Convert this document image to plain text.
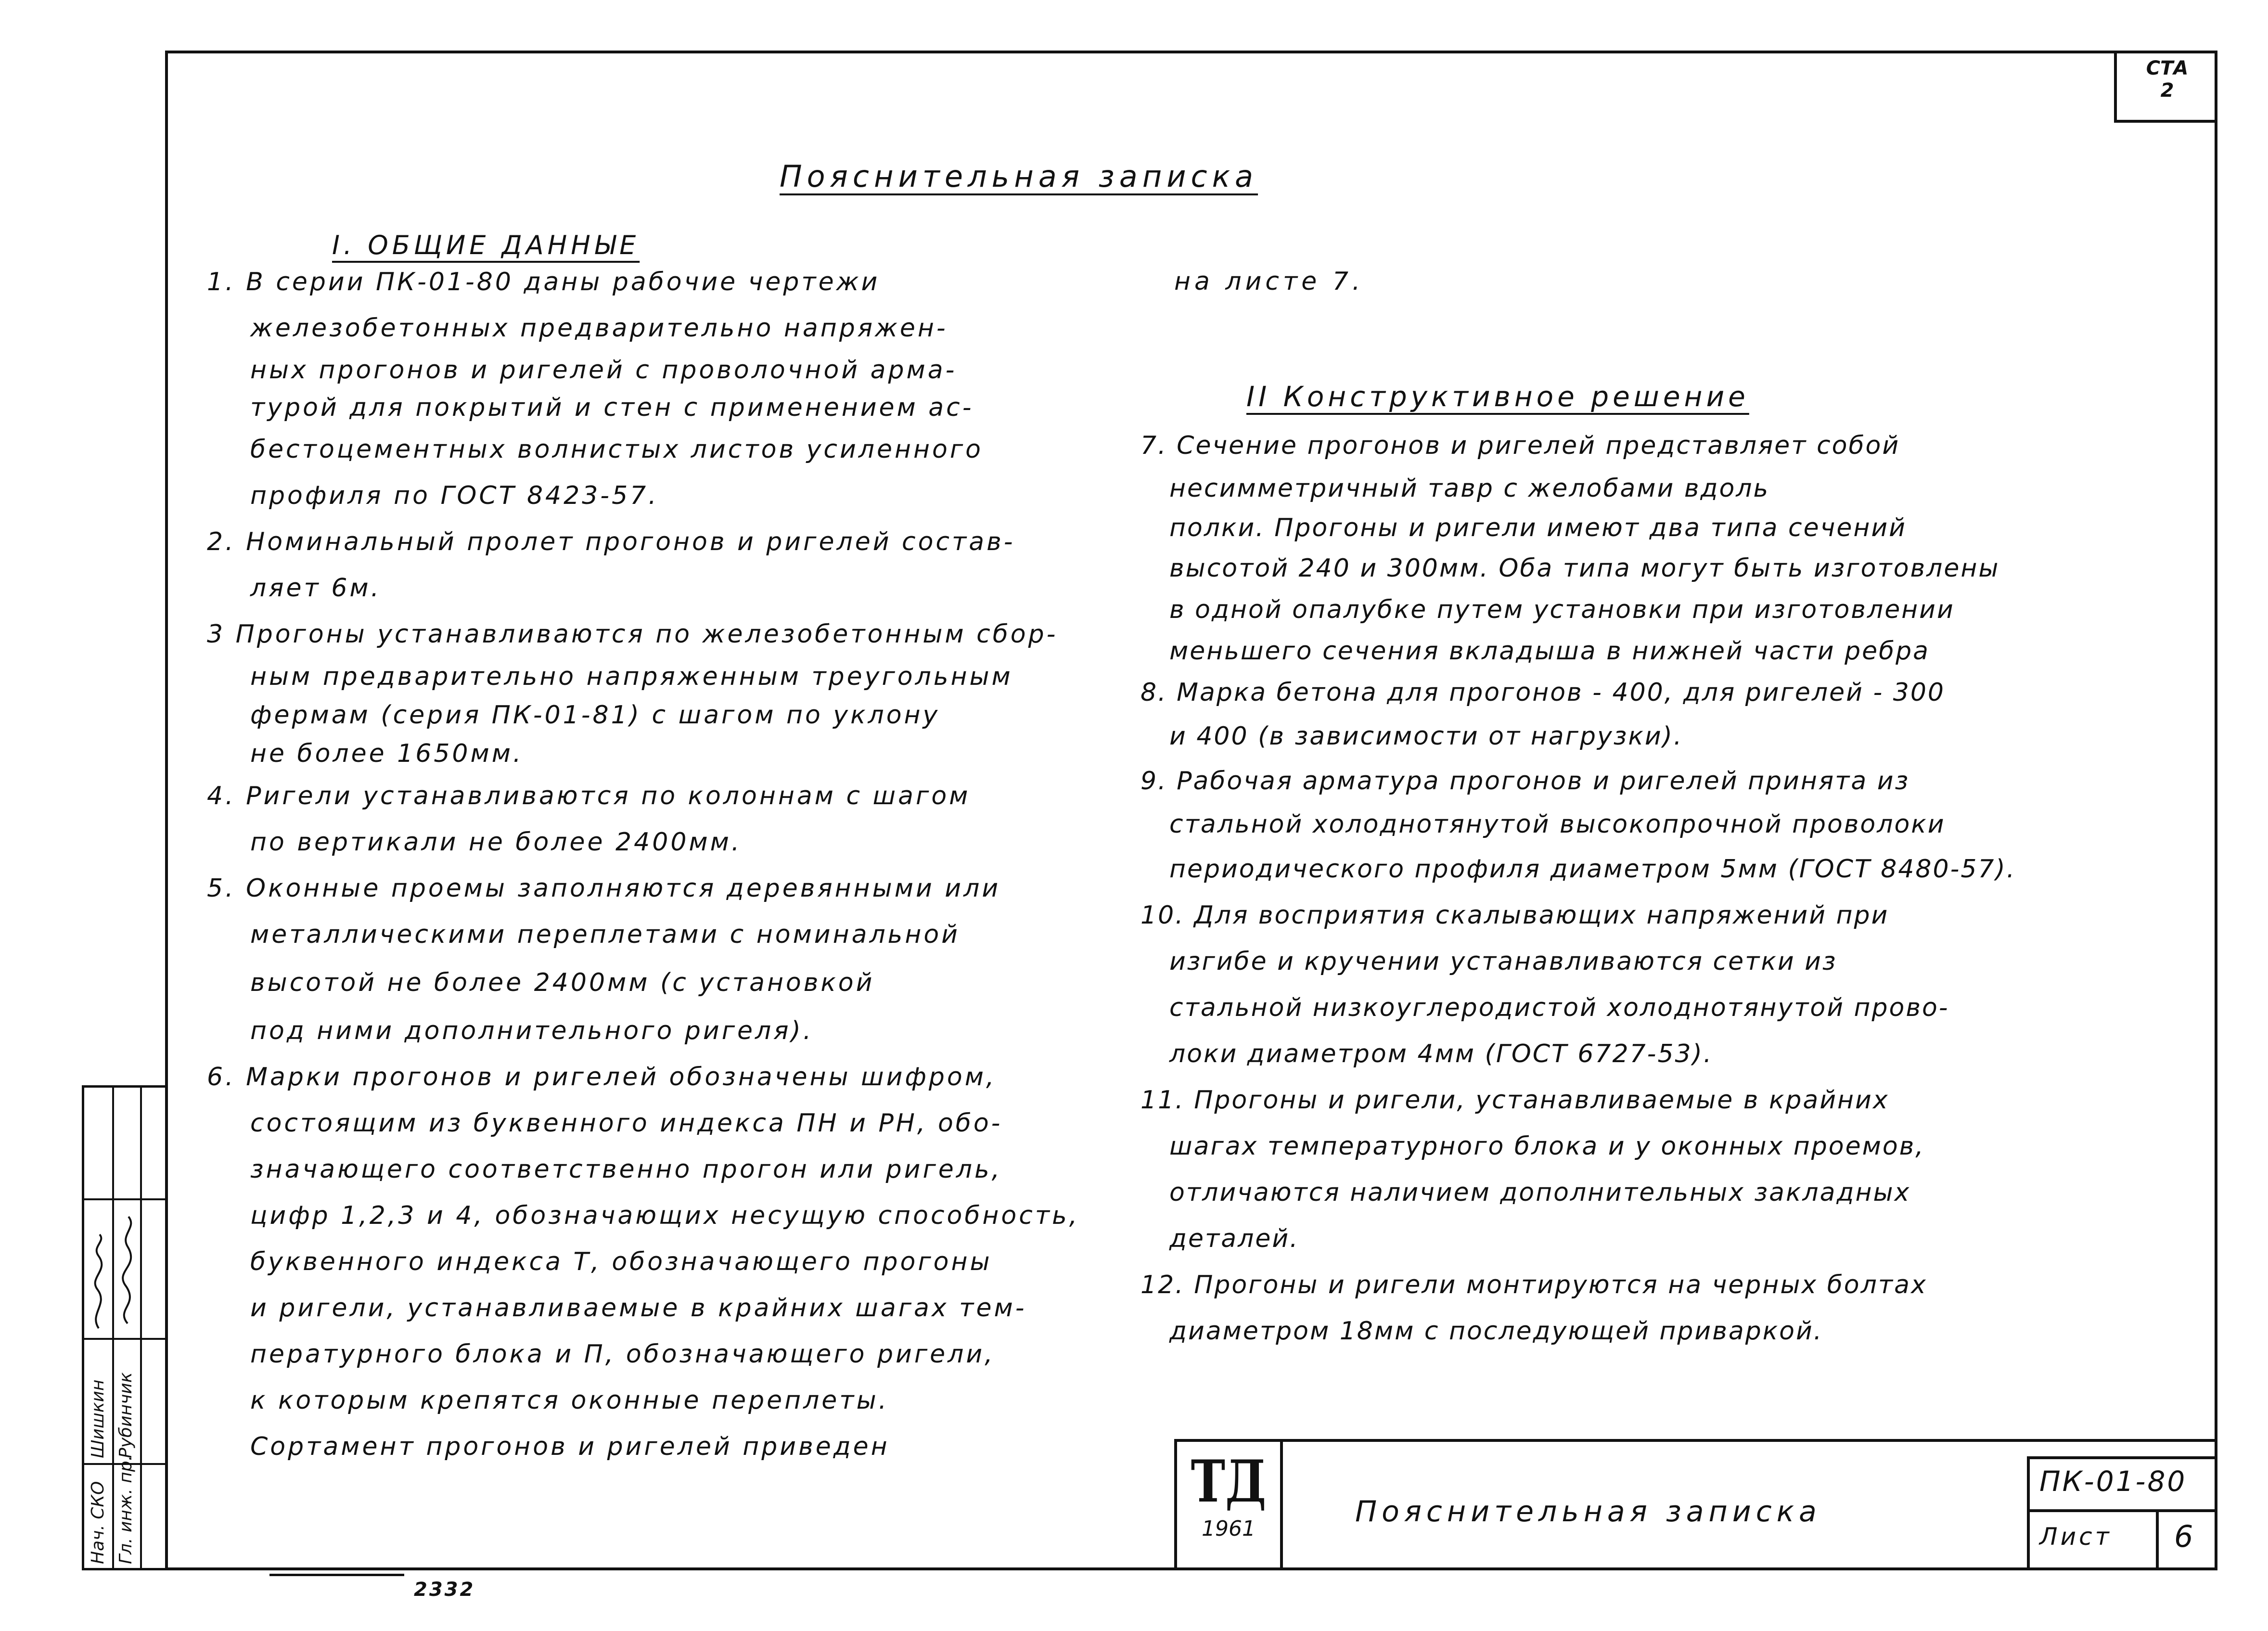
СТА
2
Пояснительная записка
I. ОБЩИЕ ДАННЫЕ
1. В серии ПК-01-80 даны рабочие чертежи
железобетонных предварительно напряжен-
ных прогонов и ригелей с проволочной арма-
турой для покрытий и стен с применением ас-
бестоцементных волнистых листов усиленного
профиля по ГОСТ 8423-57.
2. Номинальный пролет прогонов и ригелей состав-
ляет 6м.
3 Прогоны устанавливаются по железобетонным сбор-
ным предварительно напряженным треугольным
фермам (серия ПК-01-81) с шагом по уклону
не более 1650мм.
4. Ригели устанавливаются по колоннам с шагом
по вертикали не более 2400мм.
5. Оконные проемы заполняются деревянными или
металлическими переплетами с номинальной
высотой не более 2400мм (с установкой
под ними дополнительного ригеля).
6. Марки прогонов и ригелей обозначены шифром,
состоящим из буквенного индекса ПН и РН, обо-
значающего соответственно прогон или ригель,
цифр 1,2,3 и 4, обозначающих несущую способность,
буквенного индекса Т, обозначающего прогоны
и ригели, устанавливаемые в крайних шагах тем-
пературного блока и П, обозначающего ригели,
к которым крепятся оконные переплеты.
Сортамент прогонов и ригелей приведен
на листе 7.
II Конструктивное решение
7. Сечение прогонов и ригелей представляет собой
несимметричный тавр с желобами вдоль
полки. Прогоны и ригели имеют два типа сечений
высотой 240 и 300мм. Оба типа могут быть изготовлены
в одной опалубке путем установки при изготовлении
меньшего сечения вкладыша в нижней части ребра
8. Марка бетона для прогонов - 400, для ригелей - 300
и 400 (в зависимости от нагрузки).
9. Рабочая арматура прогонов и ригелей принята из
стальной холоднотянутой высокопрочной проволоки
периодического профиля диаметром 5мм (ГОСТ 8480-57).
10. Для восприятия скалывающих напряжений при
изгибе и кручении устанавливаются сетки из
стальной низкоуглеродистой холоднотянутой прово-
локи диаметром 4мм (ГОСТ 6727-53).
11. Прогоны и ригели, устанавливаемые в крайних
шагах температурного блока и у оконных проемов,
отличаются наличием дополнительных закладных
деталей.
12. Прогоны и ригели монтируются на черных болтах
диаметром 18мм с последующей приваркой.
ТД
1961
Пояснительная записка
ПК-01-80
Лист 6
Нач. СКО
Шишкин
Гл. инж. пр.
Рубинчик
2332
